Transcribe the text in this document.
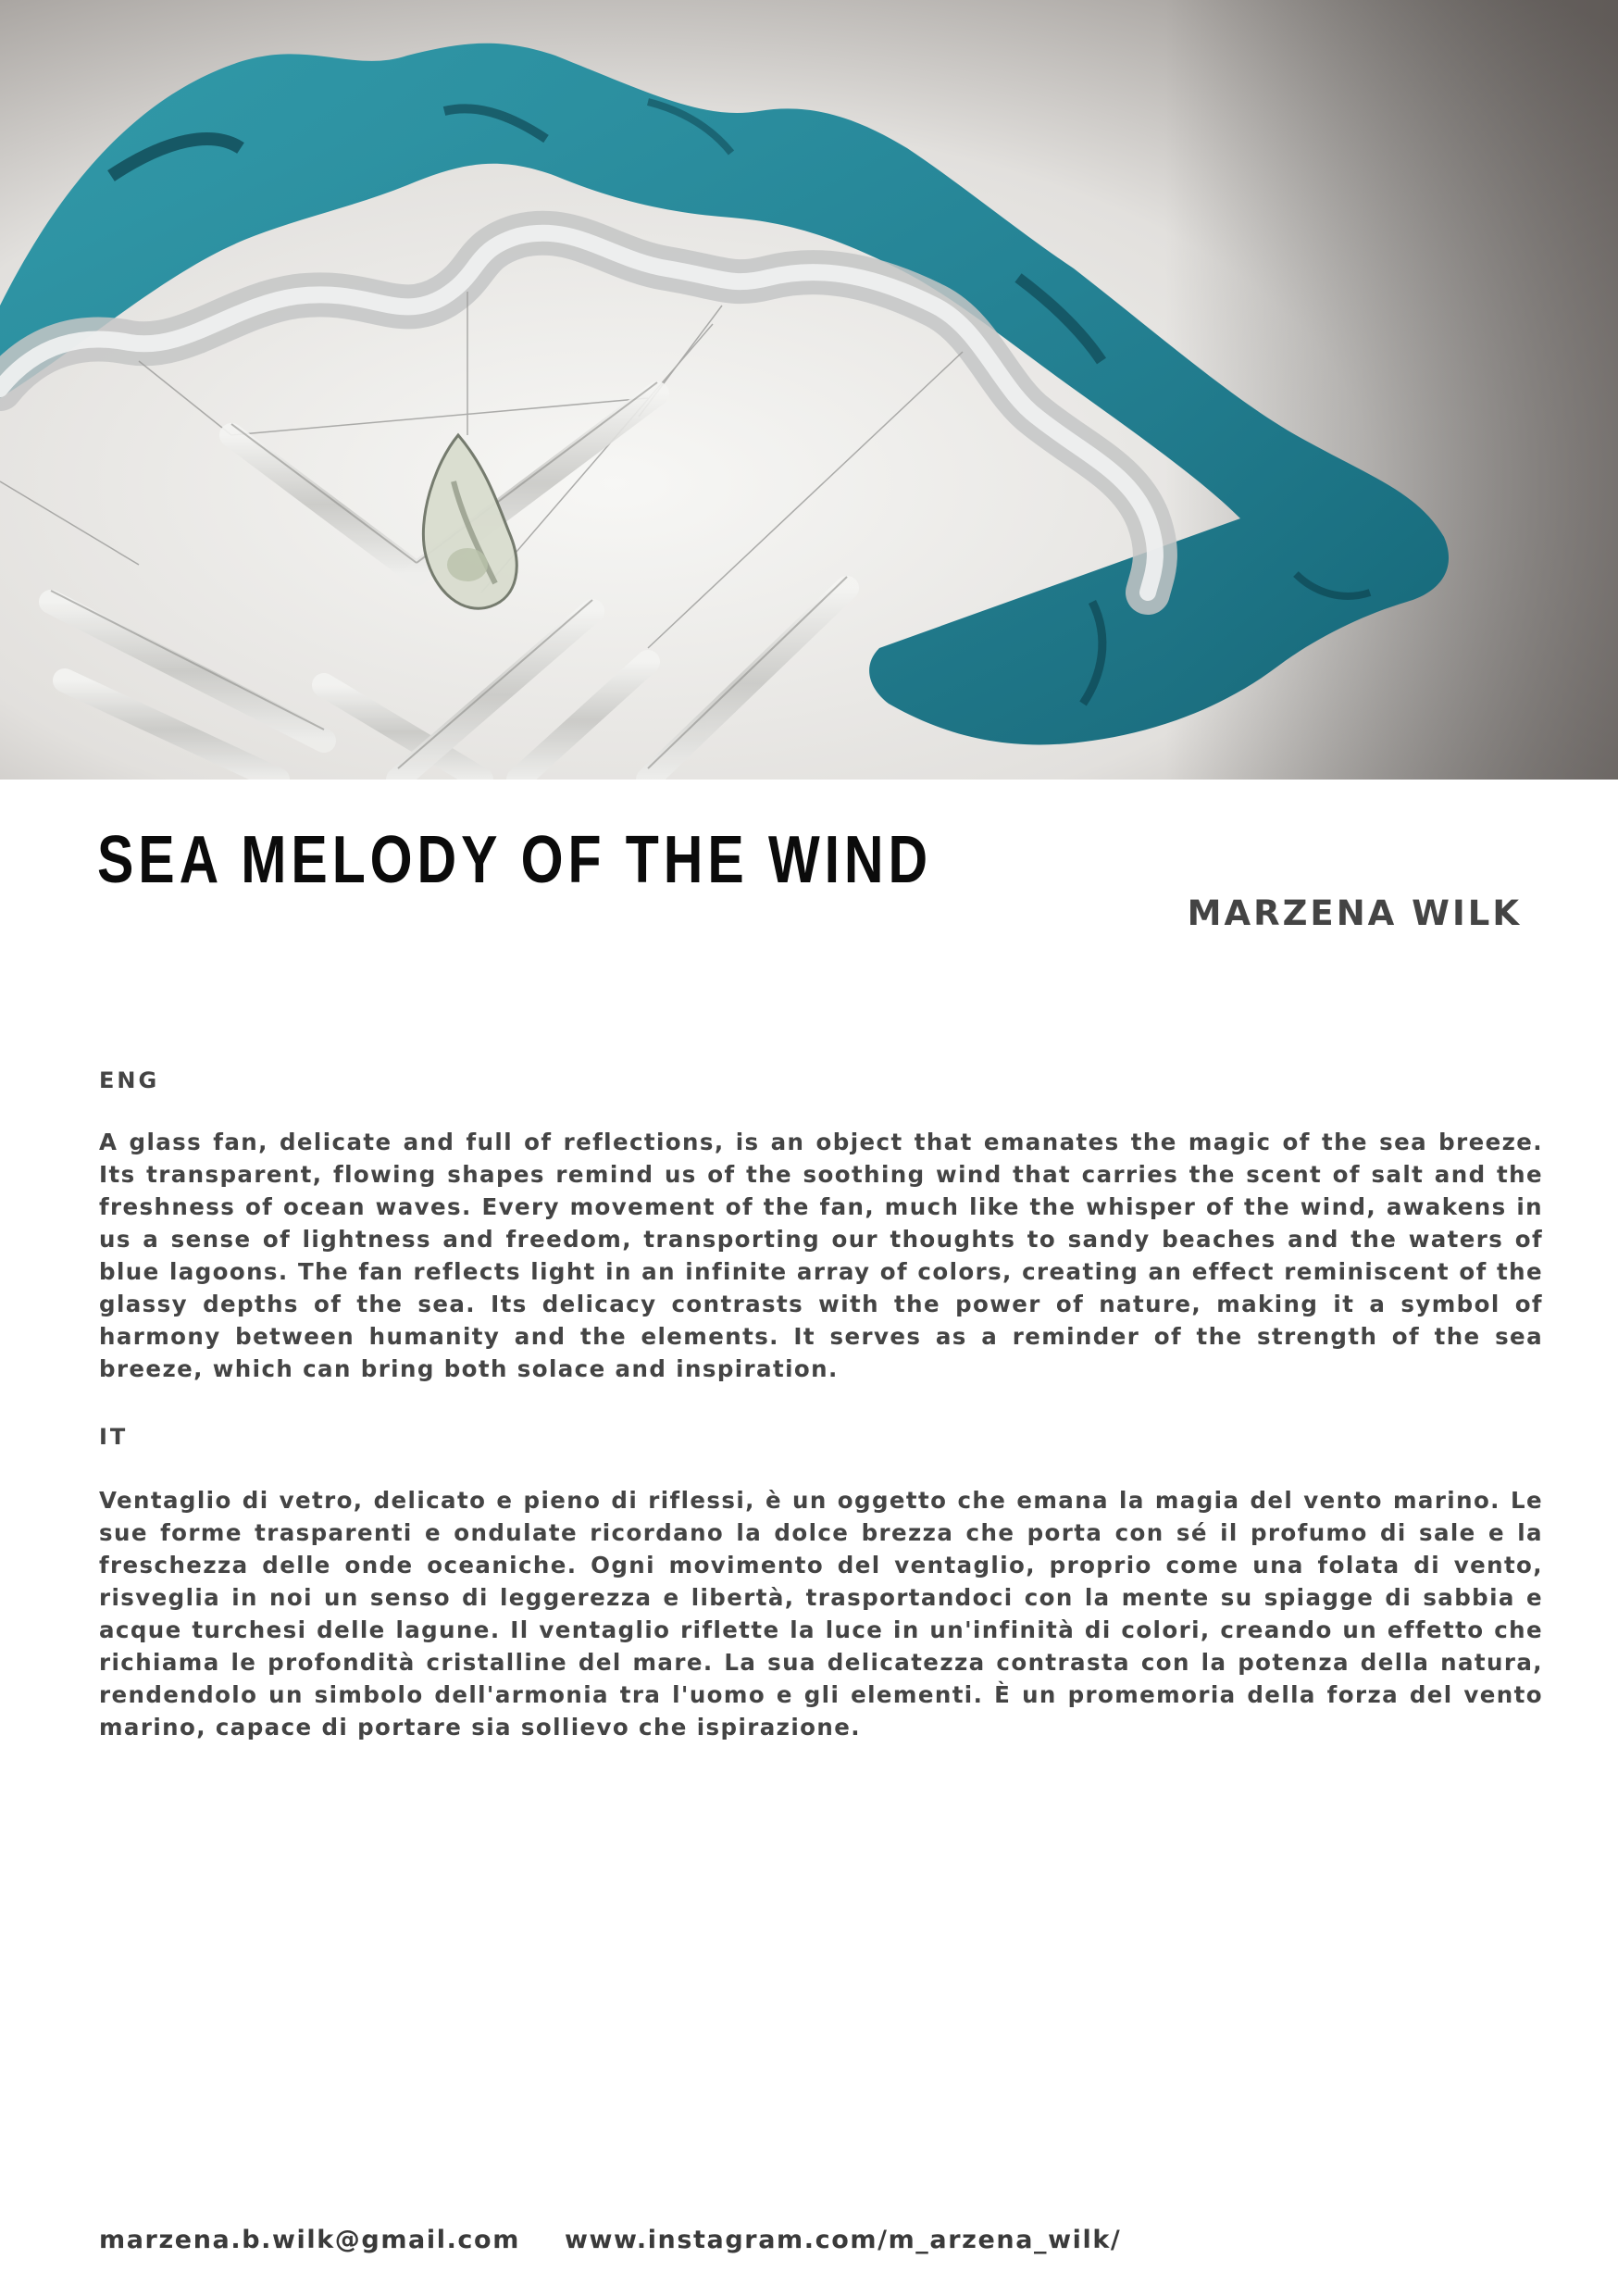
SEA MELODY OF THE WIND
MARZENA WILK

ENG

A glass fan, delicate and full of reflections, is an object that emanates the magic of the sea breeze. Its transparent, flowing shapes remind us of the soothing wind that carries the scent of salt and the freshness of ocean waves. Every movement of the fan, much like the whisper of the wind, awakens in us a sense of lightness and freedom, transporting our thoughts to sandy beaches and the waters of blue lagoons. The fan reflects light in an infinite array of colors, creating an effect reminiscent of the glassy depths of the sea. Its delicacy contrasts with the power of nature, making it a symbol of harmony between humanity and the elements. It serves as a reminder of the strength of the sea breeze, which can bring both solace and inspiration.

IT

Ventaglio di vetro, delicato e pieno di riflessi, è un oggetto che emana la magia del vento marino. Le sue forme trasparenti e ondulate ricordano la dolce brezza che porta con sé il profumo di sale e la freschezza delle onde oceaniche. Ogni movimento del ventaglio, proprio come una folata di vento, risveglia in noi un senso di leggerezza e libertà, trasportandoci con la mente su spiagge di sabbia e acque turchesi delle lagune. Il ventaglio riflette la luce in un'infinità di colori, creando un effetto che richiama le profondità cristalline del mare. La sua delicatezza contrasta con la potenza della natura, rendendolo un simbolo dell'armonia tra l'uomo e gli elementi. È un promemoria della forza del vento marino, capace di portare sia sollievo che ispirazione.

marzena.b.wilk@gmail.com www.instagram.com/m_arzena_wilk/
